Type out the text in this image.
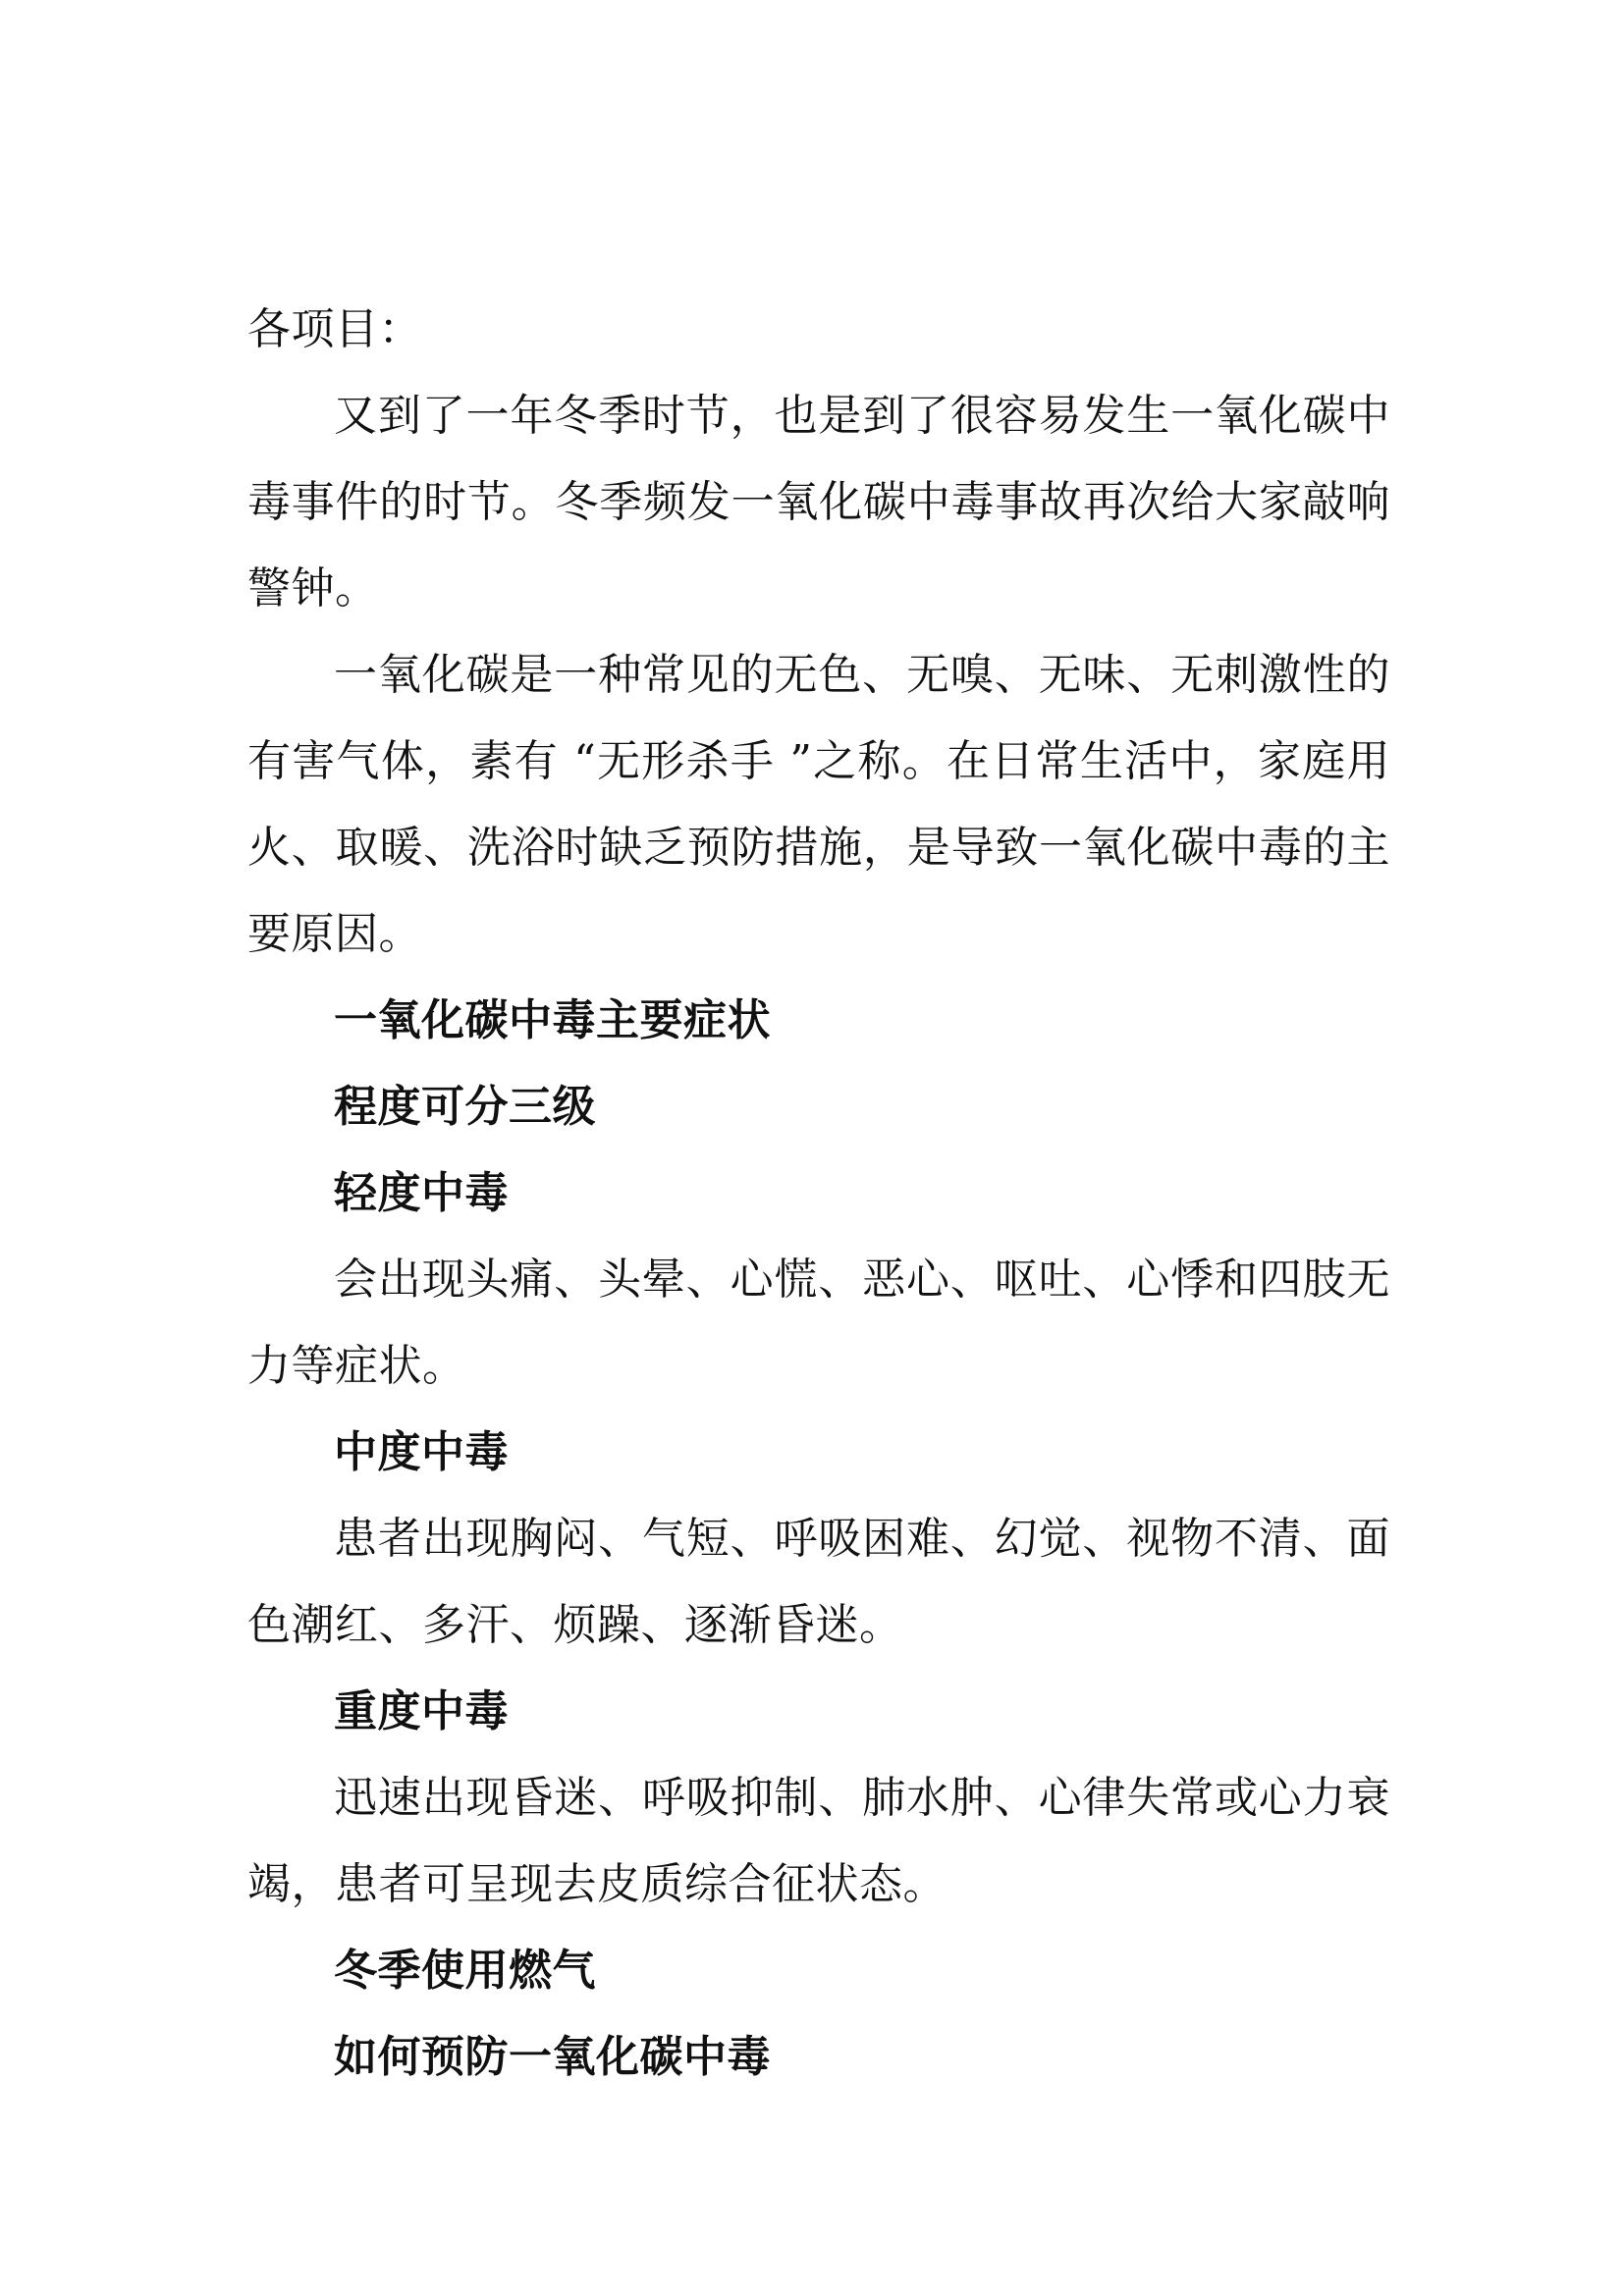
各项目：

又到了一年冬季时节，也是到了很容易发生一氧化碳中毒事件的时节。冬季频发一氧化碳中毒事故再次给大家敲响警钟。

一氧化碳是一种常见的无色、无嗅、无味、无刺激性的有害气体，素有 “无形杀手 ”之称。在日常生活中，家庭用火、取暖、洗浴时缺乏预防措施，是导致一氧化碳中毒的主要原因。

一氧化碳中毒主要症状

程度可分三级

轻度中毒

会出现头痛、头晕、心慌、恶心、呕吐、心悸和四肢无力等症状。

中度中毒

患者出现胸闷、气短、呼吸困难、幻觉、视物不清、面色潮红、多汗、烦躁、逐渐昏迷。

重度中毒

迅速出现昏迷、呼吸抑制、肺水肿、心律失常或心力衰竭，患者可呈现去皮质综合征状态。

冬季使用燃气

如何预防一氧化碳中毒
